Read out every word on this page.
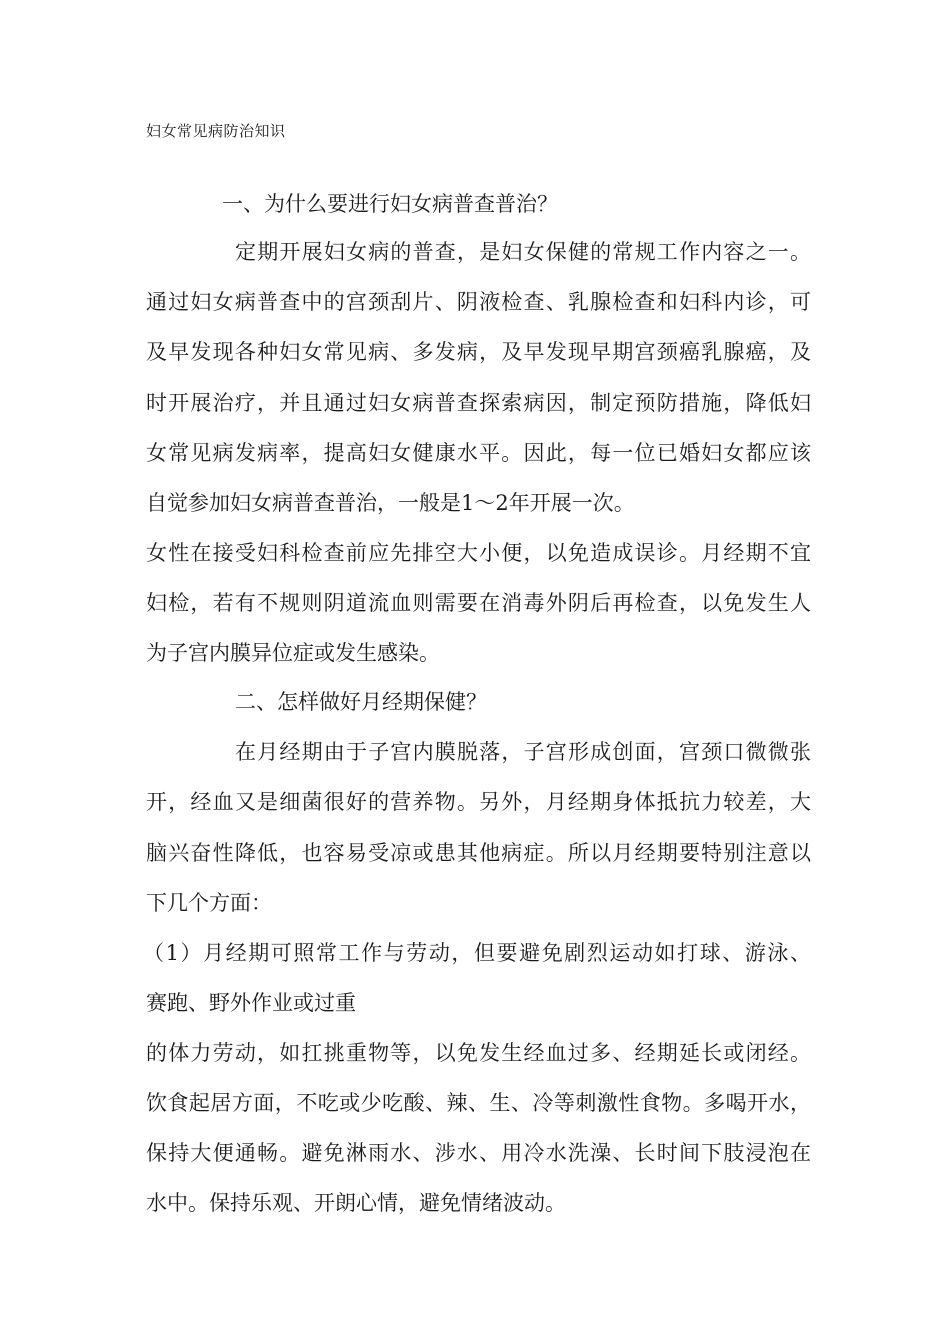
妇女常见病防治知识
一、为什么要进行妇女病普查普治？
定期开展妇女病的普查，是妇女保健的常规工作内容之一。
通过妇女病普查中的宫颈刮片、阴液检查、乳腺检查和妇科内诊，可
及早发现各种妇女常见病、多发病，及早发现早期宫颈癌乳腺癌，及
时开展治疗，并且通过妇女病普查探索病因，制定预防措施，降低妇
女常见病发病率，提高妇女健康水平。因此，每一位已婚妇女都应该
自觉参加妇女病普查普治，一般是1～2年开展一次。
女性在接受妇科检查前应先排空大小便，以免造成误诊。月经期不宜
妇检，若有不规则阴道流血则需要在消毒外阴后再检查，以免发生人
为子宫内膜异位症或发生感染。
二、怎样做好月经期保健？
在月经期由于子宫内膜脱落，子宫形成创面，宫颈口微微张
开，经血又是细菌很好的营养物。另外，月经期身体抵抗力较差，大
脑兴奋性降低，也容易受凉或患其他病症。所以月经期要特别注意以
下几个方面：
（1）月经期可照常工作与劳动，但要避免剧烈运动如打球、游泳、
赛跑、野外作业或过重
的体力劳动，如扛挑重物等，以免发生经血过多、经期延长或闭经。
饮食起居方面，不吃或少吃酸、辣、生、冷等刺激性食物。多喝开水，
保持大便通畅。避免淋雨水、涉水、用冷水洗澡、长时间下肢浸泡在
水中。保持乐观、开朗心情，避免情绪波动。
